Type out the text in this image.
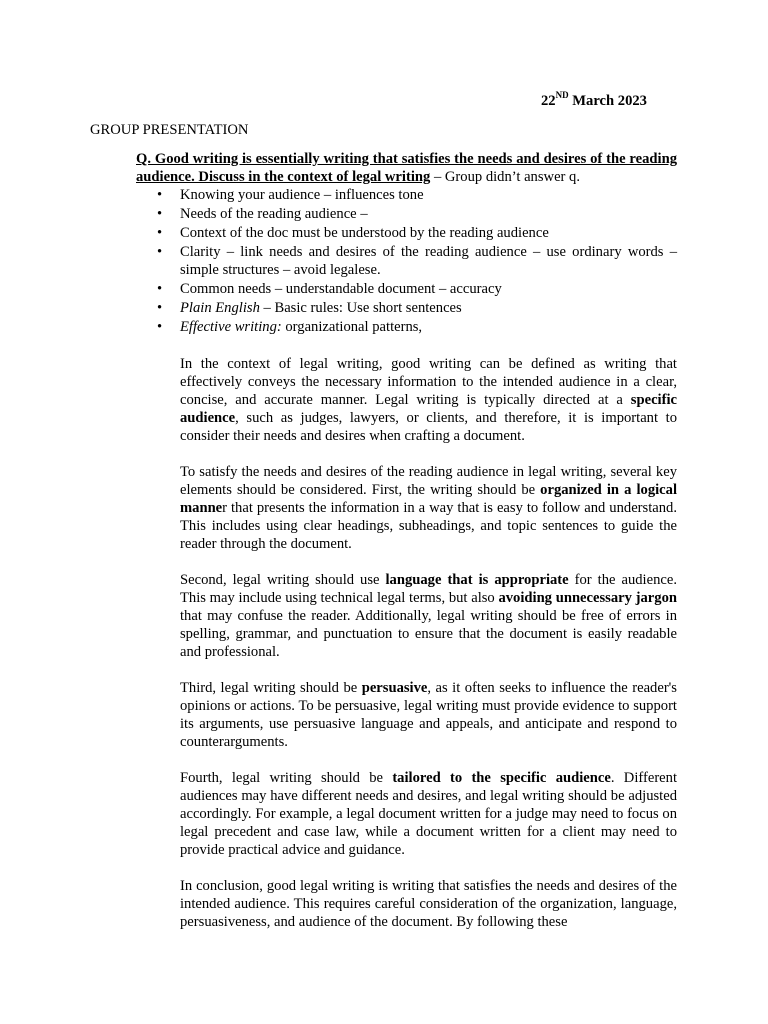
22ND March 2023
GROUP PRESENTATION
Q. Good writing is essentially writing that satisfies the needs and desires of the reading audience. Discuss in the context of legal writing – Group didn’t answer q.
• Knowing your audience – influences tone
• Needs of the reading audience –
• Context of the doc must be understood by the reading audience
• Clarity – link needs and desires of the reading audience – use ordinary words – simple structures – avoid legalese.
• Common needs – understandable document – accuracy
• Plain English – Basic rules: Use short sentences
• Effective writing: organizational patterns,

In the context of legal writing, good writing can be defined as writing that effectively conveys the necessary information to the intended audience in a clear, concise, and accurate manner. Legal writing is typically directed at a specific audience, such as judges, lawyers, or clients, and therefore, it is important to consider their needs and desires when crafting a document.

To satisfy the needs and desires of the reading audience in legal writing, several key elements should be considered. First, the writing should be organized in a logical manner that presents the information in a way that is easy to follow and understand. This includes using clear headings, subheadings, and topic sentences to guide the reader through the document.

Second, legal writing should use language that is appropriate for the audience. This may include using technical legal terms, but also avoiding unnecessary jargon that may confuse the reader. Additionally, legal writing should be free of errors in spelling, grammar, and punctuation to ensure that the document is easily readable and professional.

Third, legal writing should be persuasive, as it often seeks to influence the reader's opinions or actions. To be persuasive, legal writing must provide evidence to support its arguments, use persuasive language and appeals, and anticipate and respond to counterarguments.

Fourth, legal writing should be tailored to the specific audience. Different audiences may have different needs and desires, and legal writing should be adjusted accordingly. For example, a legal document written for a judge may need to focus on legal precedent and case law, while a document written for a client may need to provide practical advice and guidance.

In conclusion, good legal writing is writing that satisfies the needs and desires of the intended audience. This requires careful consideration of the organization, language, persuasiveness, and audience of the document. By following these
